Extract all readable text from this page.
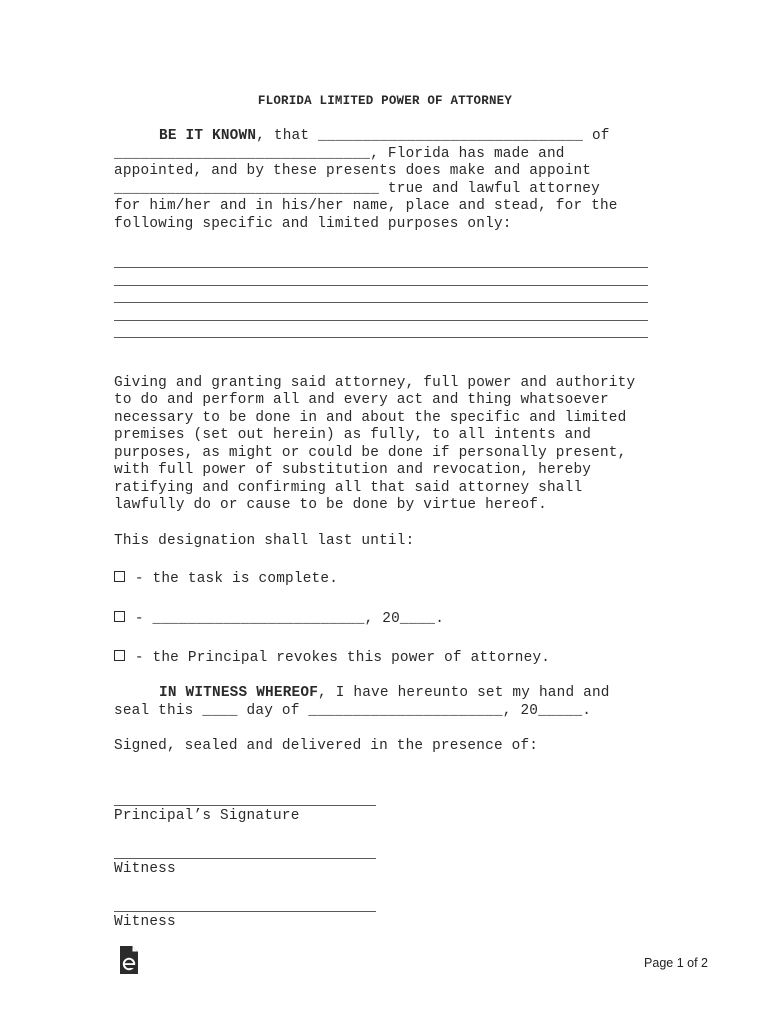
FLORIDA LIMITED POWER OF ATTORNEY
BE IT KNOWN, that ______________________________ of
_____________________________, Florida has made and
appointed, and by these presents does make and appoint
______________________________ true and lawful attorney
for him/her and in his/her name, place and stead, for the
following specific and limited purposes only:
Giving and granting said attorney, full power and authority
to do and perform all and every act and thing whatsoever
necessary to be done in and about the specific and limited
premises (set out herein) as fully, to all intents and
purposes, as might or could be done if personally present,
with full power of substitution and revocation, hereby
ratifying and confirming all that said attorney shall
lawfully do or cause to be done by virtue hereof.
This designation shall last until:
- the task is complete.
- ________________________, 20____.
- the Principal revokes this power of attorney.
IN WITNESS WHEREOF, I have hereunto set my hand and
seal this ____ day of ______________________, 20_____.
Signed, sealed and delivered in the presence of:
Principal’s Signature
Witness
Witness
Page 1 of 2
